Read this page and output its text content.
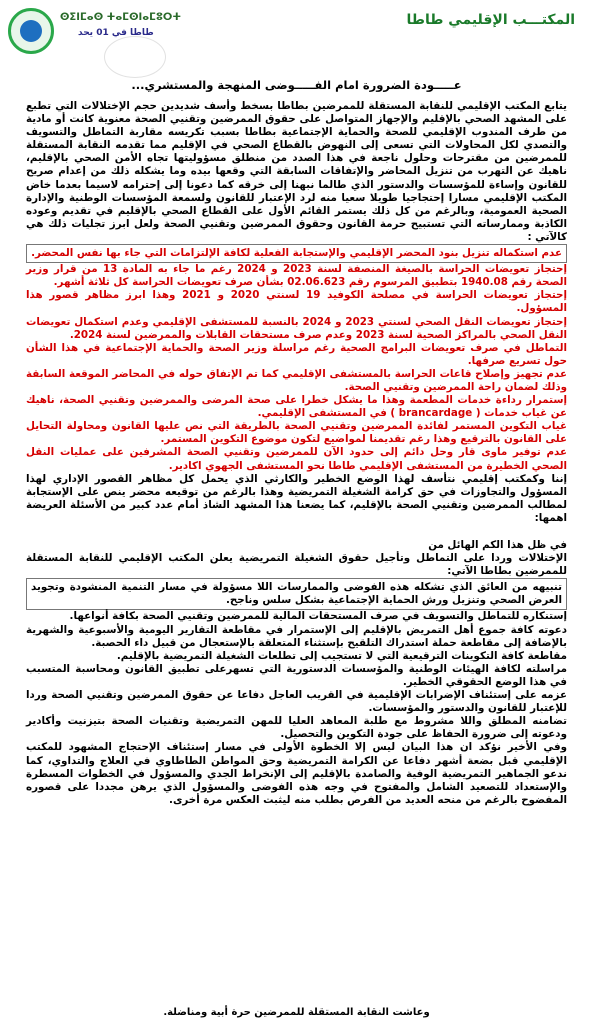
المكتـــب الإقليمي طاطا
ⵙⵉⵏⵎⴰⵙ ⵜⴰⵎⵙⵏⴰⵎⵓⵔⵜ
طاطا في 01 يحد
عـــــودة الضرورة امام الفـــــوضى المنهجة والمستشري...

يتابع المكتب الإقليمي للنقابة المستقلة للممرضين بطاطا بسخط وأسف شديدين حجم الإختلالات التي تطبع على المشهد الصحي بالإقليم والإجهاز المتواصل على حقوق الممرضين وتقنيي الصحة معنوية كانت أو مادية من طرف المندوب الإقليمي للصحة والحماية الإجتماعية بطاطا بسبب تكريسه مقاربة التماطل والتسويف والتصدي لكل المحاولات التي تسعى إلى النهوض بالقطاع الصحي في الإقليم مما تقدمه النقابة المستقلة للممرضين من مقترحات وحلول ناجعة في هذا الصدد من منطلق مسؤوليتها تجاه الأمن الصحي بالإقليم، ناهيك عن التهرب من تنزيل المحاضر والإتفاقات السابقة التي وقعها بيده وما يشكله ذلك من إعدام صريح للقانون وإساءة للمؤسسات والدستور الذي طالما نبهنا إلى خرقه كما دعونا إلى إحترامه لاسيما بعدما خاض المكتب الإقليمي مسارا إحتجاجيا طويلا سعيا منه لرد الإعتبار للقانون ولسمعة المؤسسات الوطنية والإدارة الصحية العمومية، وبالرغم من كل ذلك يستمر القائم الأول على القطاع الصحي بالإقليم في تقديم وعوده الكاذبة وممارساته التي تستبيح حرمة القانون وحقوق الممرضين وتقنيي الصحة ولعل ابرز تجليات ذلك هي كالآتي :

عدم استكماله تنزيل بنود المحضر الإقليمي والإستجابة الفعلية لكافة الإلتزامات التي جاء بها نفس المحضر.

إحتجاز تعويضات الحراسة بالصيغة المنصفة لسنة 2023 و 2024 رغم ما جاء به المادة 13 من قرار وزير الصحة رقم 1940.08 بتطبيق المرسوم رقم 02.06.623 بشأن صرف تعويضات الحراسة كل ثلاثة أشهر.

إحتجاز تعويضات الحراسة في مصلحة الكوفيد 19 لسنتي 2020 و 2021 وهذا ابرز مظاهر قصور هذا المسؤول.

إحتجاز تعويضات النقل الصحي لسنتي 2023 و 2024 بالنسبة للمستشفى الإقليمي وعدم استكمال تعويضات النقل الصحي بالمراكز الصحية لسنة 2023 وعدم صرف مستحقات القابلات والممرضين لسنة 2024.

التماطل في صرف تعويضات البرامج الصحية رغم مراسلة وزير الصحة والحماية الإجتماعية في هذا الشأن حول تسريع صرفها.

عدم تجهيز وإصلاح قاعات الحراسة بالمستشفى الإقليمي كما تم الإتفاق حوله في المحاضر الموقعة السابقة وذلك لضمان راحة الممرضين وتقنيي الصحة.

إستمرار رداءة خدمات المطعمة وهذا ما يشكل خطرا على صحة المرضى والممرضين وتقنيي الصحة، ناهيك عن غياب خدمات ( brancardage ) في المستشفى الإقليمي.

غياب التكوين المستمر لفائدة الممرضين وتقنيي الصحة بالطريقة التي نص عليها القانون ومحاولة التحايل على القانون بالترقيع وهذا رغم تقديمنا لمواضيع لتكون موضوع التكوين المستمر.

عدم توفير ماوى قار وحل دائم إلى حدود الآن للممرضين وتقنيي الصحة المشرفين على عمليات النقل الصحي الخطيرة من المستشفى الإقليمي طاطا نحو المستشفى الجهوي اكادير.

إننا وكمكتب إقليمي نتأسف لهذا الوضع الخطير والكارثي الذي يحمل كل مظاهر القصور الإداري لهذا المسؤول والتجاوزات في حق كرامة الشغيلة التمريضية وهذا بالرغم من توقيعه محضر ينص على الإستجابة لمطالب الممرضين وتقنيي الصحة بالإقليم، كما يضعنا هذا المشهد الشاذ أمام عدد كبير من الأسئلة العريضة اهمها:

في ظل هذا الكم الهائل من

الإختلالات وردا على التماطل وتأجيل حقوق الشغيلة التمريضية يعلن المكتب الإقليمي للنقابة المستقلة للممرضين بطاطا الآتي:

تنبيهه من العائق الذي تشكله هذه الفوضى والممارسات اللا مسؤولة في مسار التنمية المنشودة وتجويد العرض الصحي وتنزيل ورش الحماية الإجتماعية بشكل سلس وناجح.

إستنكاره للتماطل والتسويف في صرف المستحقات المالية للممرضين وتقنيي الصحة بكافة أنواعها.

دعوته كافة جموع أهل التمريض بالإقليم إلى الإستمرار في مقاطعة التقارير اليومية والأسبوعية والشهرية بالإضافة إلى مقاطعة حملة استدراك التلقيح بإستثناء المتعلقة بالإستعجال من قبيل داء الحصبة.

مقاطعة كافة التكوينات الترقيعية التي لا تستجيب إلى تطلعات الشغيلة التمريضية بالإقليم.

مراسلته لكافة الهيئات الوطنية والمؤسسات الدستورية التي تسهرعلى تطبيق القانون ومحاسبة المتسبب في هذا الوضع الحقوقي الخطير.

عزمه على إستئناف الإضرابات الإقليمية في القريب العاجل دفاعا عن حقوق الممرضين وتقنيي الصحة وردا للإعتبار للقانون والدستور والمؤسسات.

تضامنه المطلق واللا مشروط مع طلبة المعاهد العليا للمهن التمريضية وتقنيات الصحة بتيزنيت وأكادير ودعوته إلى ضرورة الحفاظ على جودة التكوين والتحصيل.

وفي الأخير نؤكد ان هذا البيان ليس إلا الخطوة الأولى في مسار إستئناف الإحتجاج المشهود للمكتب الإقليمي قبل بضعة أشهر دفاعا عن الكرامة التمريضية وحق المواطن الطاطاوي في العلاج والتداوي، كما ندعو الجماهير التمريضية الوفية والصامدة بالإقليم إلى الإنخراط الجدي والمسؤول في الخطوات المسطرة والإستعداد للتصعيد الشامل والمفتوح في وجه هذه الفوضى والمسؤول الذي يرهن مجددا على قصوره المفضوح بالرغم من منحه العديد من الفرص بطلب منه ليثبت العكس مرة أخرى.

وعاشت النقابة المستقلة للممرضين حرة أبية ومناضلة.
